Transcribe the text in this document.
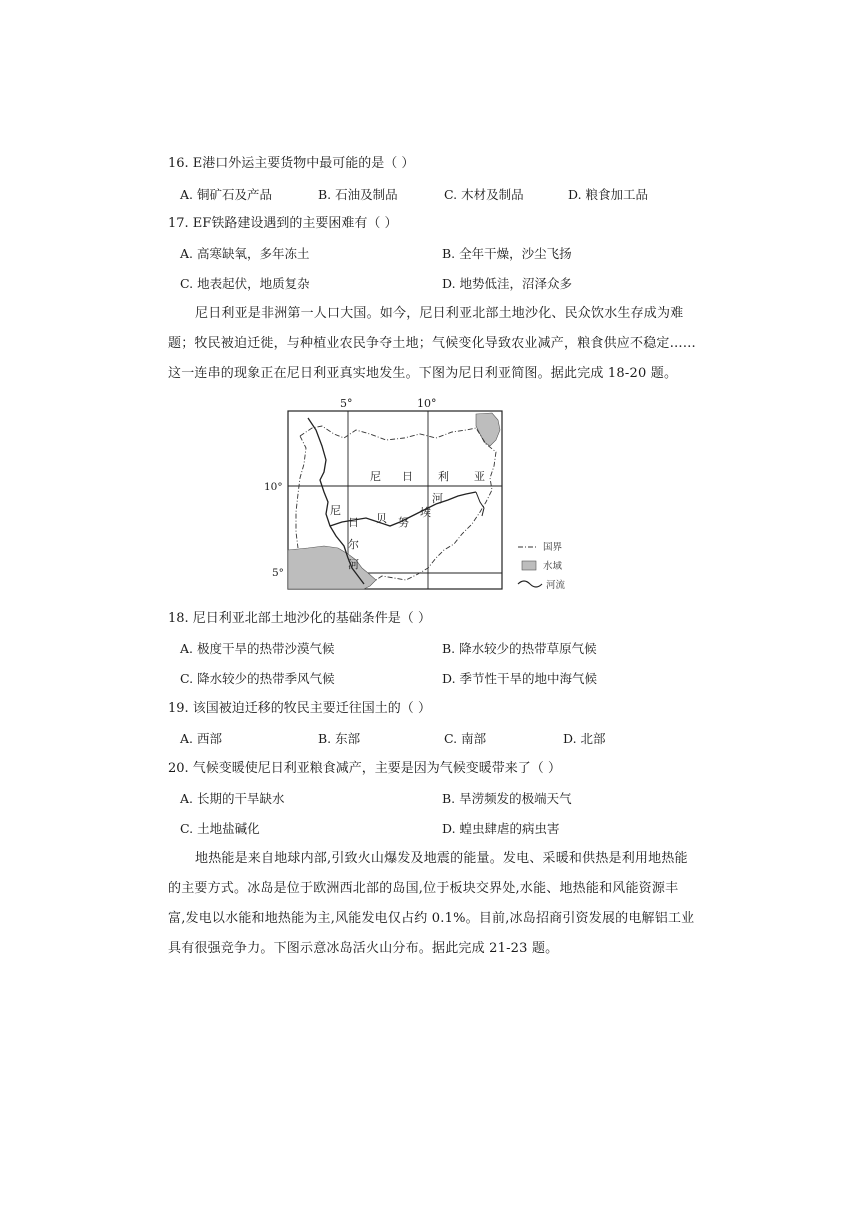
16. E港口外运主要货物中最可能的是（ ）
A. 铜矿石及产品	B. 石油及制品	C. 木材及制品	D. 粮食加工品
17. EF铁路建设遇到的主要困难有（ ）
A. 高寒缺氧，多年冻土	B. 全年干燥，沙尘飞扬
C. 地表起伏，地质复杂	D. 地势低洼，沼泽众多
尼日利亚是非洲第一人口大国。如今，尼日利亚北部土地沙化、民众饮水生存成为难
题；牧民被迫迁徙，与种植业农民争夺土地；气候变化导致农业减产，粮食供应不稳定……
这一连串的现象正在尼日利亚真实地发生。下图为尼日利亚简图。据此完成 18-20 题。
5°	10°
尼 日 利 亚
尼
日
尔
河
贝 努
埃
河
国界
水域
河流
10°
5°
18. 尼日利亚北部土地沙化的基础条件是（ ）
A. 极度干旱的热带沙漠气候	B. 降水较少的热带草原气候
C. 降水较少的热带季风气候	D. 季节性干旱的地中海气候
19. 该国被迫迁移的牧民主要迁往国土的（ ）
A. 西部	B. 东部	C. 南部	D. 北部
20. 气候变暖使尼日利亚粮食减产，主要是因为气候变暖带来了（ ）
A. 长期的干旱缺水	B. 旱涝频发的极端天气
C. 土地盐碱化	D. 蝗虫肆虐的病虫害
地热能是来自地球内部,引致火山爆发及地震的能量。发电、采暖和供热是利用地热能
的主要方式。冰岛是位于欧洲西北部的岛国,位于板块交界处,水能、地热能和风能资源丰
富,发电以水能和地热能为主,风能发电仅占约 0.1%。目前,冰岛招商引资发展的电解铝工业
具有很强竞争力。下图示意冰岛活火山分布。据此完成 21-23 题。
